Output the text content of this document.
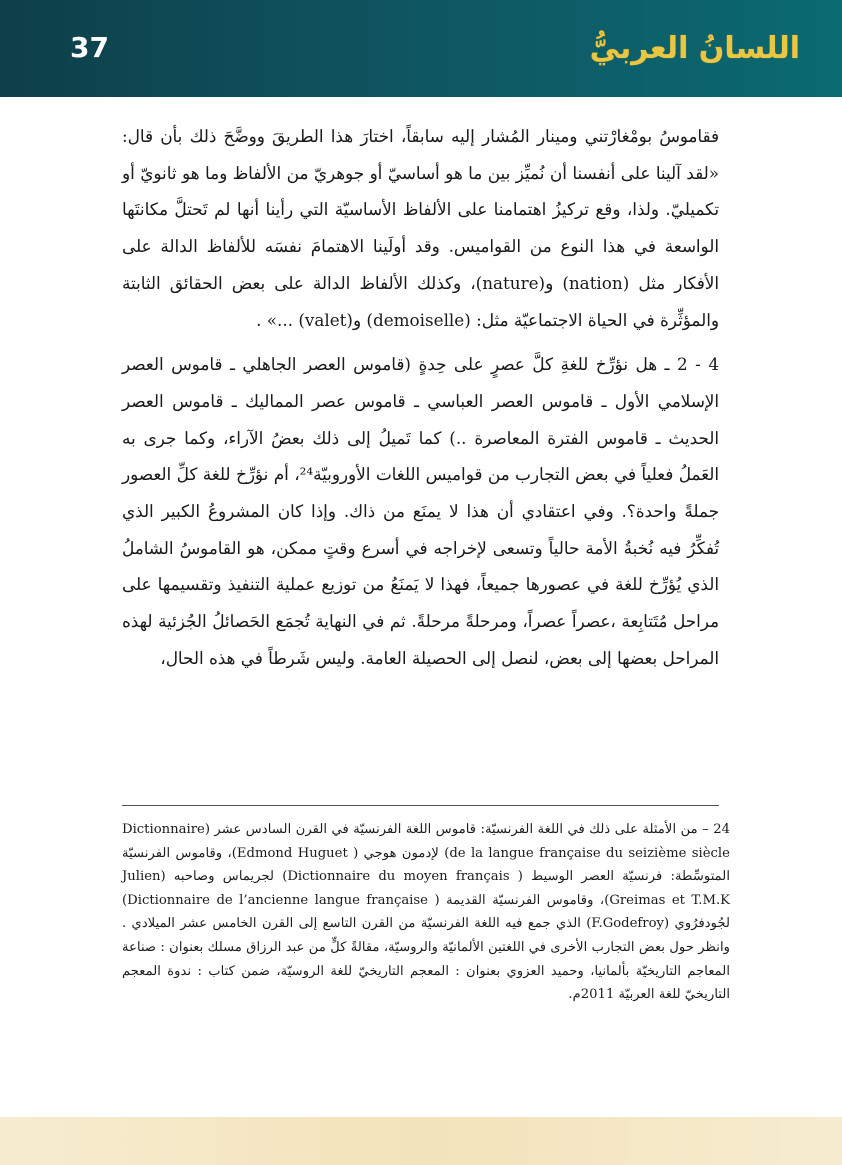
37	اللسانُ العربيُّ

فقاموسُ بومْغارْتني ومينار المُشار إليه سابقاً، اختارَ هذا الطريقَ ووضَّحَ ذلك بأن قال: «لقد آلينا على أنفسنا أن نُميِّز بين ما هو أساسيّ أو جوهريّ من الألفاظ وما هو ثانويّ أو تكميليّ. ولذا، وقع تركيزُ اهتمامنا على الألفاظ الأساسيّة التي رأينا أنها لم تَحتلَّ مكانتَها الواسعة في هذا النوع من القواميس. وقد أولَينا الاهتمامَ نفسَه للألفاظ الدالة على الأفكار مثل (nation) و(nature)، وكذلك الألفاظ الدالة على بعض الحقائق الثابتة والمؤثِّرة في الحياة الاجتماعيّة مثل: (demoiselle) و(valet) ...» .

4 - 2 ـ هل نؤرِّخ للغةِ كلَّ عصرٍ على حِدةٍ (قاموس العصر الجاهلي ـ قاموس العصر الإسلامي الأول ـ قاموس العصر العباسي ـ قاموس عصر المماليك ـ قاموس العصر الحديث ـ قاموس الفترة المعاصرة ..) كما تَميلُ إلى ذلك بعضُ الآراء، وكما جرى به العَملُ فعلياً في بعض التجارب من قواميس اللغات الأوروبيّة²⁴، أم نؤرِّخ للغة كلِّ العصور جملةً واحدة؟. وفي اعتقادي أن هذا لا يمنَع من ذاك. وإذا كان المشروعُ الكبير الذي تُفكِّرُ فيه نُخبةُ الأمة حالياً وتسعى لإخراجه في أسرع وقتٍ ممكن، هو القاموسُ الشاملُ الذي يُؤرِّخ للغة في عصورها جميعاً، فهذا لا يَمنَعُ من توزيع عملية التنفيذ وتقسيمها على مراحل مُتَتابِعة ،عصراً عصراً، ومرحلةً مرحلةً. ثم في النهاية تُجمَع الحَصائلُ الجُزئية لهذه المراحل بعضها إلى بعض، لنصل إلى الحصيلة العامة. وليس شَرطاً في هذه الحال،

24 – من الأمثلة على ذلك في اللغة الفرنسيّة: قاموس اللغة الفرنسيّة في القرن السادس عشر (Dictionnaire de la langue française du seizième siècle) لإدمون هوجي ( Edmond Huguet)، وقاموس الفرنسيّة المتوسِّطة: فرنسيّة العصر الوسيط ( Dictionnaire du moyen français) لجريماس وصاحبه (Julien Greimas et T.M.K)، وقاموس الفرنسيّة القديمة ( Dictionnaire de l’ancienne langue française) لجُودفرُوي (F.Godefroy) الذي جمع فيه اللغة الفرنسيّة من القرن التاسع إلى القرن الخامس عشر الميلادي . وانظر حول بعض التجارب الأخرى في اللغتين الألمانيّة والروسيّة، مقالةً كلٍّ من عبد الرزاق مسلك بعنوان : صناعة المعاجم التاريخيّة بألمانيا، وحميد العزوي بعنوان : المعجم التاريخيّ للغة الروسيّة، ضمن كتاب : ندوة المعجم التاريخيّ للغة العربيّة 2011م.
